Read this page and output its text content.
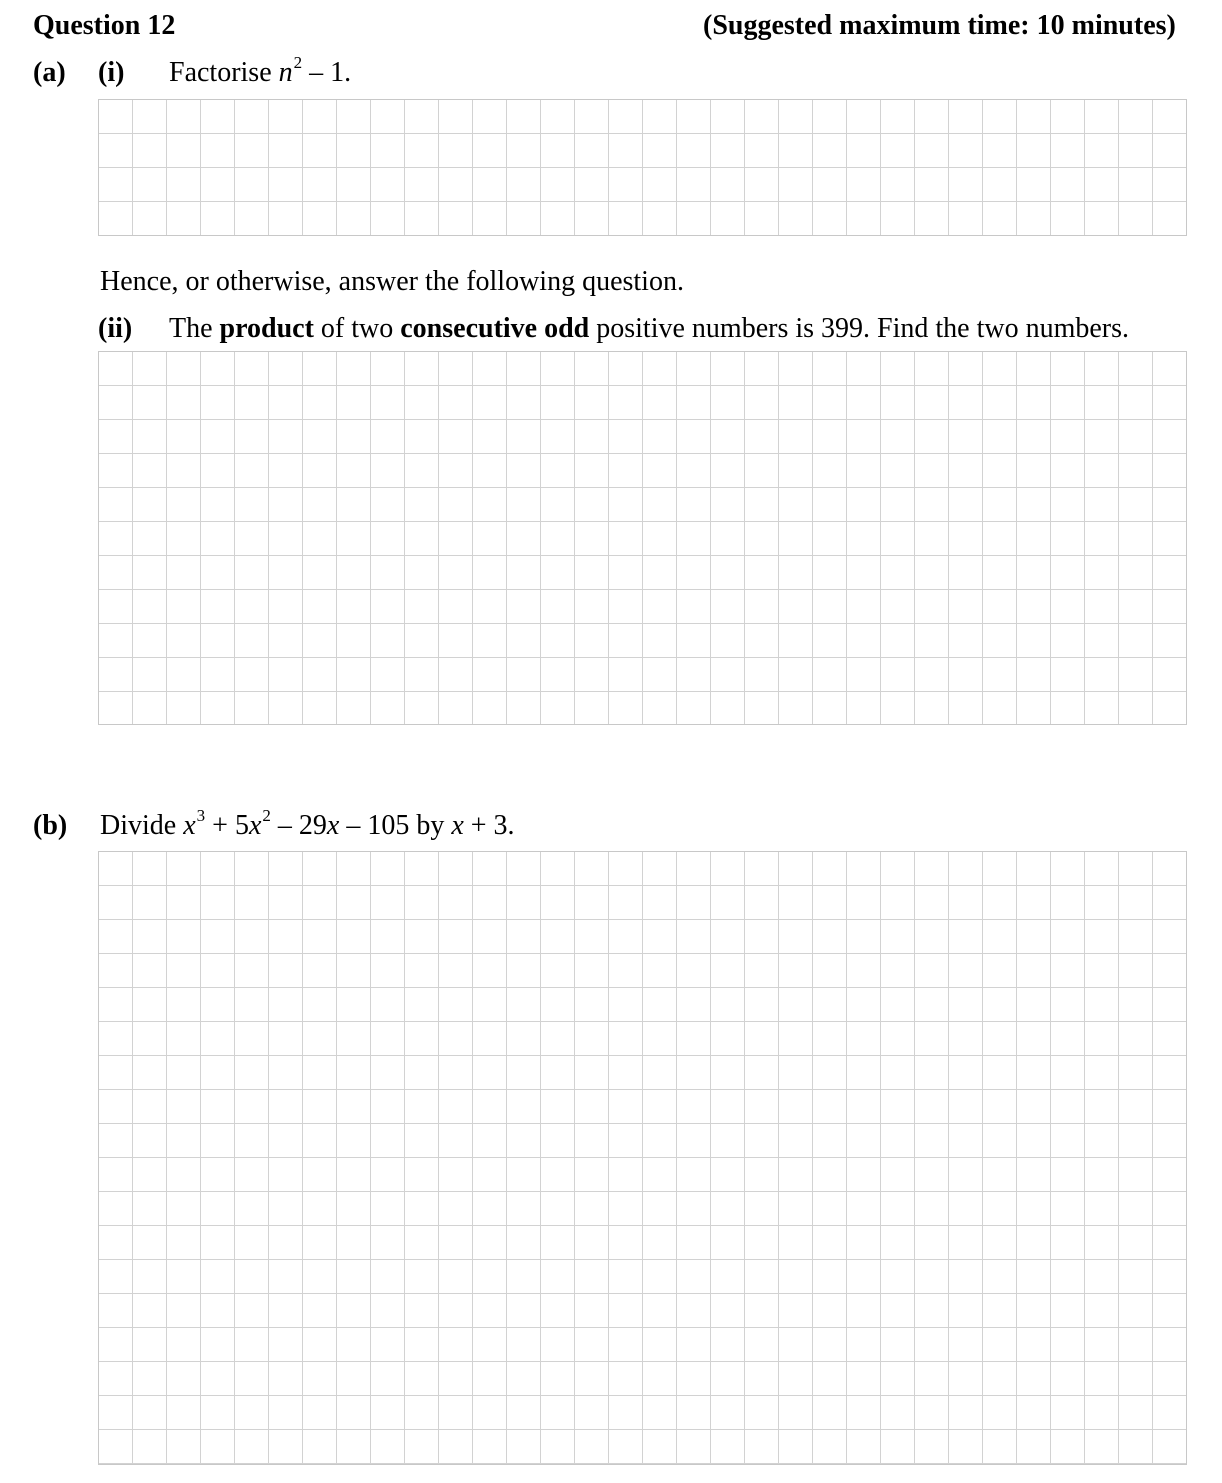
Question 12	(Suggested maximum time: 10 minutes)
(a) (i) Factorise $n^2 - 1$.
Hence, or otherwise, answer the following question.
(ii) The product of two consecutive odd positive numbers is 399. Find the two numbers.
(b) Divide $x^3 + 5x^2 - 29x - 105$ by x + 3.
